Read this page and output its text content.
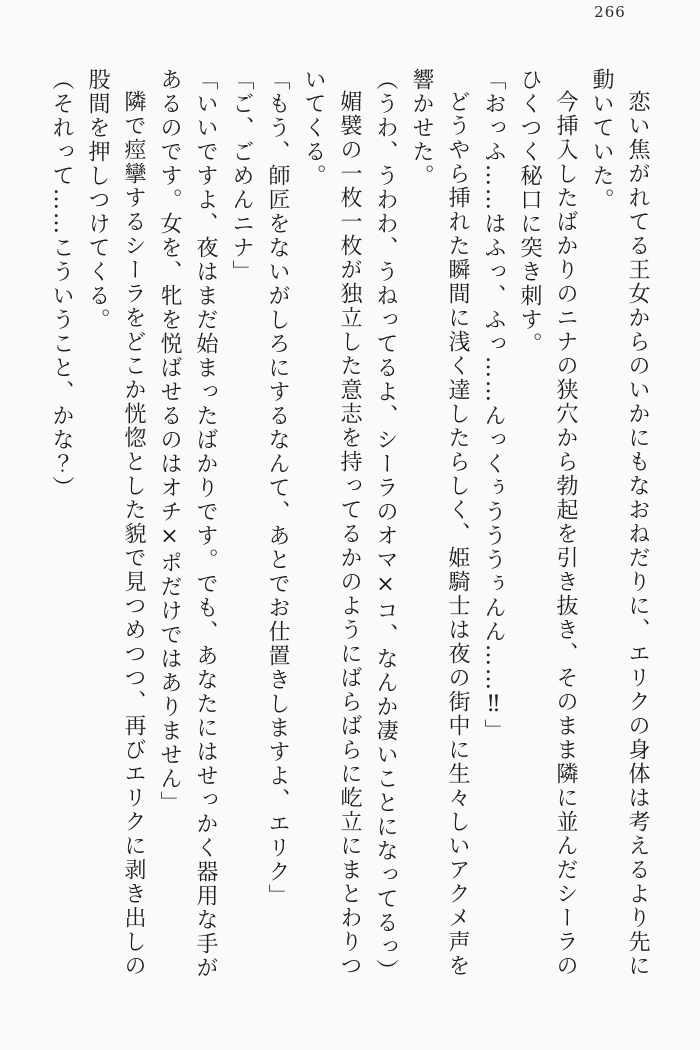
266

恋い焦がれてる王女からのいかにもなおねだりに、エリクの身体は考えるより先に動いていた。

今挿入したばかりのニナの狭穴から勃起を引き抜き、そのまま隣に並んだシーラのひくつく秘口に突き刺す。

「おっふ……はふっ、ふっ……んっくぅうううぅんん……‼」

どうやら挿れた瞬間に浅く達したらしく、姫騎士は夜の街中に生々しいアクメ声を響かせた。

（うわ、うわわ、うねってるよ、シーラのオマ×コ、なんか凄いことになってるっ）

媚襞の一枚一枚が独立した意志を持ってるかのようにばらばらに屹立にまとわりついてくる。

「もう、師匠をないがしろにするなんて、あとでお仕置きしますよ、エリク」

「ご、ごめんニナ」

「いいですよ、夜はまだ始まったばかりです。でも、あなたにはせっかく器用な手があるのです。女を、牝を悦ばせるのはオチ×ポだけではありません」

隣で痙攣するシーラをどこか恍惚とした貌で見つめつつ、再びエリクに剥き出しの股間を押しつけてくる。

（それって……こういうこと、かな？）
